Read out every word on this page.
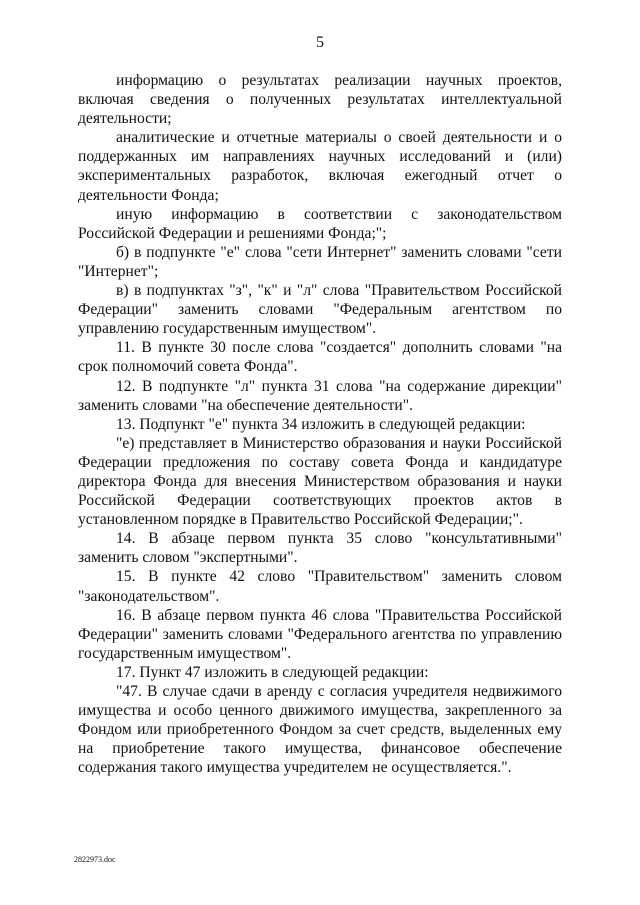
5

информацию о результатах реализации научных проектов, включая сведения о полученных результатах интеллектуальной деятельности;

аналитические и отчетные материалы о своей деятельности и о поддержанных им направлениях научных исследований и (или) экспериментальных разработок, включая ежегодный отчет о деятельности Фонда;

иную информацию в соответствии с законодательством Российской Федерации и решениями Фонда;";

б) в подпункте "е" слова "сети Интернет" заменить словами "сети "Интернет";

в) в подпунктах "з", "к" и "л" слова "Правительством Российской Федерации" заменить словами "Федеральным агентством по управлению государственным имуществом".

11. В пункте 30 после слова "создается" дополнить словами "на срок полномочий совета Фонда".

12. В подпункте "л" пункта 31 слова "на содержание дирекции" заменить словами "на обеспечение деятельности".

13. Подпункт "е" пункта 34 изложить в следующей редакции:

"е) представляет в Министерство образования и науки Российской Федерации предложения по составу совета Фонда и кандидатуре директора Фонда для внесения Министерством образования и науки Российской Федерации соответствующих проектов актов в установленном порядке в Правительство Российской Федерации;".

14. В абзаце первом пункта 35 слово "консультативными" заменить словом "экспертными".

15. В пункте 42 слово "Правительством" заменить словом "законодательством".

16. В абзаце первом пункта 46 слова "Правительства Российской Федерации" заменить словами "Федерального агентства по управлению государственным имуществом".

17. Пункт 47 изложить в следующей редакции:

"47. В случае сдачи в аренду с согласия учредителя недвижимого имущества и особо ценного движимого имущества, закрепленного за Фондом или приобретенного Фондом за счет средств, выделенных ему на приобретение такого имущества, финансовое обеспечение содержания такого имущества учредителем не осуществляется.".

2822973.doc
